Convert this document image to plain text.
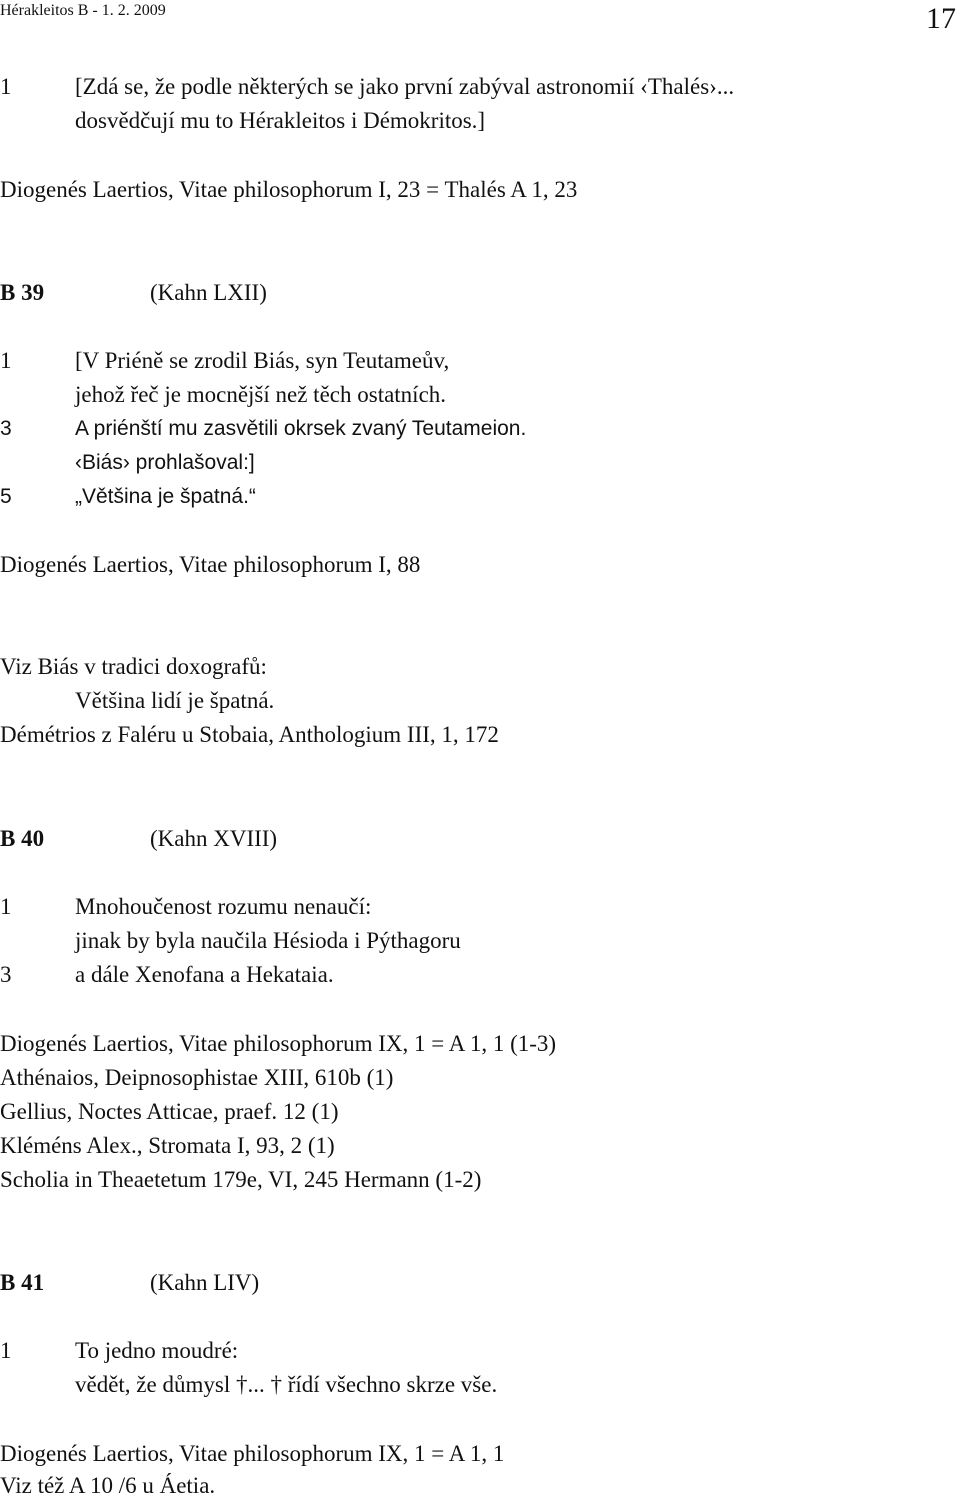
Hérakleitos B - 1. 2. 2009	17
1	[Zdá se, že podle některých se jako první zabýval astronomií ‹Thalés›...
dosvědčují mu to Hérakleitos i Démokritos.]
Diogenés Laertios, Vitae philosophorum I, 23 = Thalés A 1, 23
B 39	(Kahn LXII)
1	[V Priéně se zrodil Biás, syn Teutameův,
jehož řeč je mocnější než těch ostatních.
3	A priénští mu zasvětili okrsek zvaný Teutameion.
‹Biás› prohlašoval:]
5	„Většina je špatná.“
Diogenés Laertios, Vitae philosophorum I, 88
Viz Biás v tradici doxografů:
Většina lidí je špatná.
Démétrios z Faléru u Stobaia, Anthologium III, 1, 172
B 40	(Kahn XVIII)
1	Mnohoučenost rozumu nenaučí:
jinak by byla naučila Hésioda i Pýthagoru
3	a dále Xenofana a Hekataia.
Diogenés Laertios, Vitae philosophorum IX, 1 = A 1, 1 (1-3)
Athénaios, Deipnosophistae XIII, 610b (1)
Gellius, Noctes Atticae, praef. 12 (1)
Kléméns Alex., Stromata I, 93, 2 (1)
Scholia in Theaetetum 179e, VI, 245 Hermann (1-2)
B 41	(Kahn LIV)
1	To jedno moudré:
vědět, že důmysl †... † řídí všechno skrze vše.
Diogenés Laertios, Vitae philosophorum IX, 1 = A 1, 1
Viz též A 10 /6 u Áetia.
